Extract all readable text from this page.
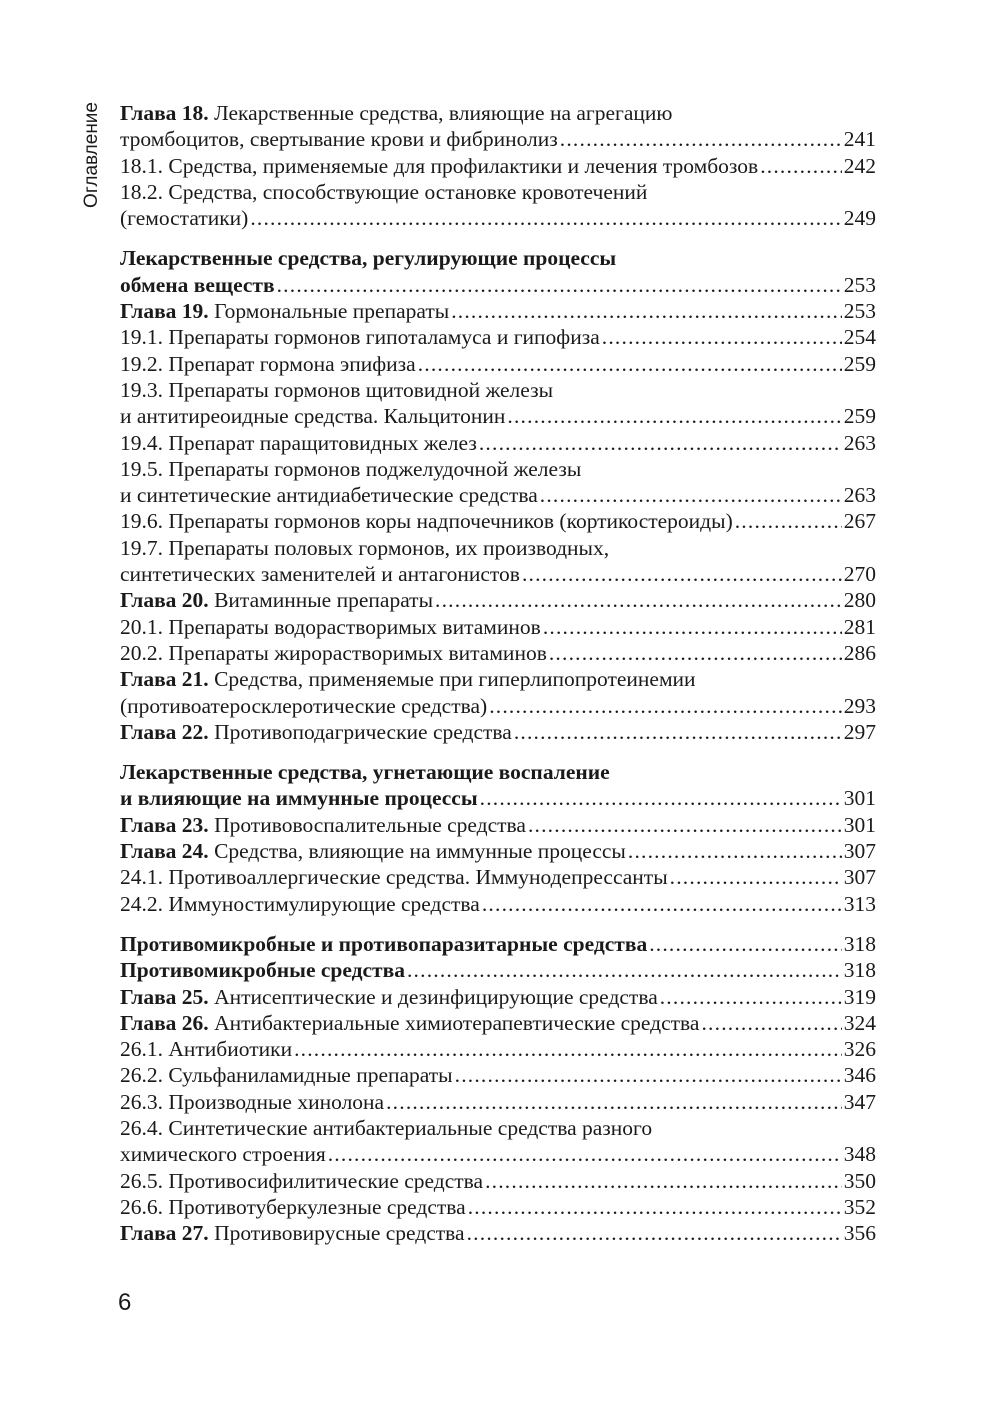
Оглавление Глава 18. Лекарственные средства, влияющие на агрегацию
тромбоцитов, свертывание крови и фибринолиз .....	241
18.1. Средства, применяемые для профилактики и лечения тромбозов .....	242
18.2. Средства, способствующие остановке кровотечений
(гемостатики) .....	249
Лекарственные средства, регулирующие процессы
обмена веществ .....	253
Глава 19. Гормональные препараты .....	253
19.1. Препараты гормонов гипоталамуса и гипофиза .....	254
19.2. Препарат гормона эпифиза .....	259
19.3. Препараты гормонов щитовидной железы
и антитиреоидные средства. Кальцитонин .....	259
19.4. Препарат паращитовидных желез .....	263
19.5. Препараты гормонов поджелудочной железы
и синтетические антидиабетические средства .....	263
19.6. Препараты гормонов коры надпочечников (кортикостероиды) .....	267
19.7. Препараты половых гормонов, их производных,
синтетических заменителей и антагонистов .....	270
Глава 20. Витаминные препараты .....	280
20.1. Препараты водорастворимых витаминов .....	281
20.2. Препараты жирорастворимых витаминов .....	286
Глава 21. Средства, применяемые при гиперлипопротеинемии
(противоатеросклеротические средства) .....	293
Глава 22. Противоподагрические средства .....	297
Лекарственные средства, угнетающие воспаление
и влияющие на иммунные процессы .....	301
Глава 23. Противовоспалительные средства .....	301
Глава 24. Средства, влияющие на иммунные процессы .....	307
24.1. Противоаллергические средства. Иммунодепрессанты .....	307
24.2. Иммуностимулирующие средства .....	313
Противомикробные и противопаразитарные средства .....	318
Противомикробные средства .....	318
Глава 25. Антисептические и дезинфицирующие средства .....	319
Глава 26. Антибактериальные химиотерапевтические средства .....	324
26.1. Антибиотики .....	326
26.2. Сульфаниламидные препараты .....	346
26.3. Производные хинолона .....	347
26.4. Синтетические антибактериальные средства разного
химического строения .....	348
26.5. Противосифилитические средства .....	350
26.6. Противотуберкулезные средства .....	352
Глава 27. Противовирусные средства .....	356
6
